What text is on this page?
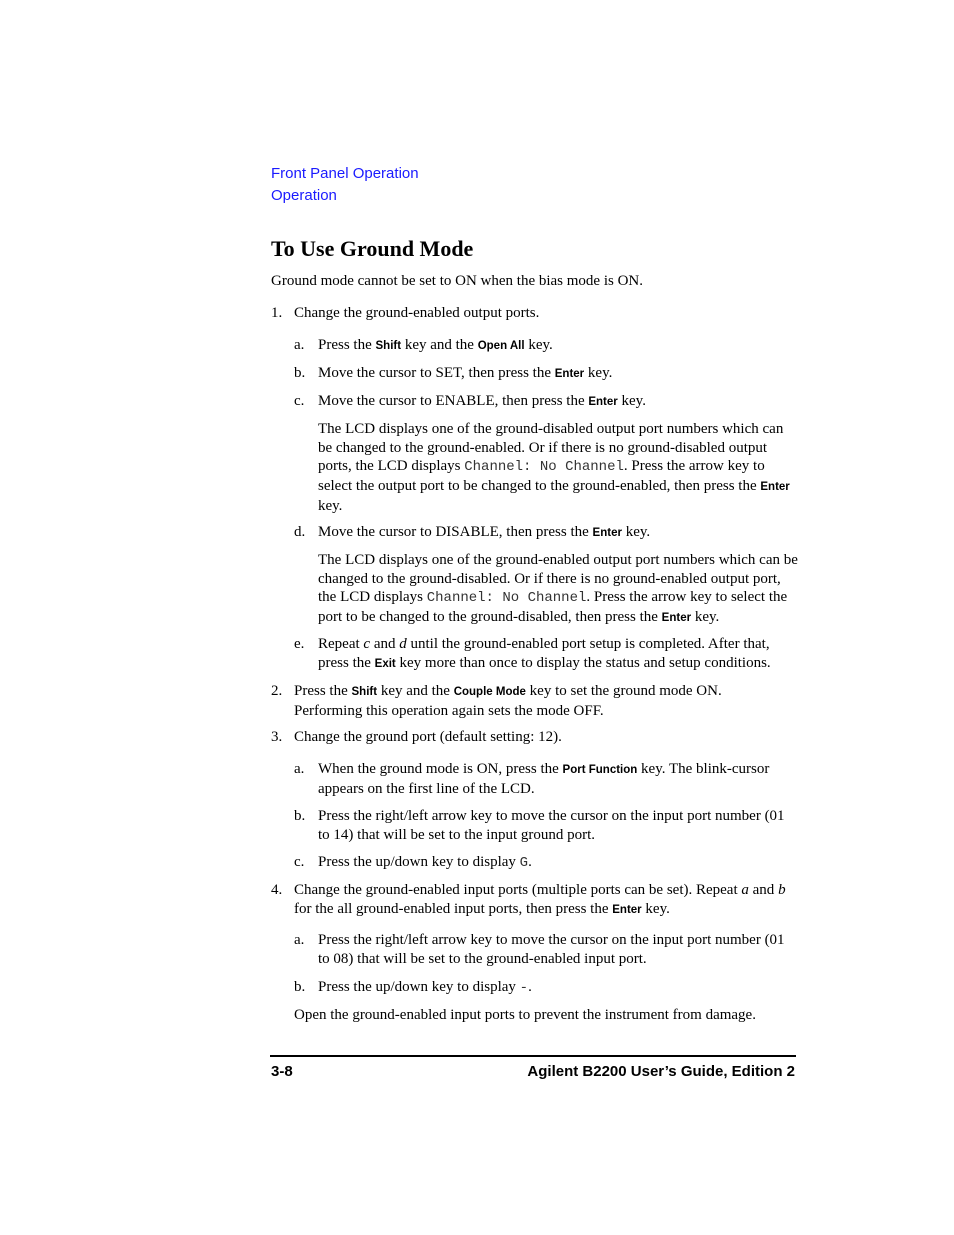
Front Panel Operation
Operation
To Use Ground Mode

Ground mode cannot be set to ON when the bias mode is ON.

1. Change the ground-enabled output ports.

a. Press the Shift key and the Open All key.

b. Move the cursor to SET, then press the Enter key.

c. Move the cursor to ENABLE, then press the Enter key.

The LCD displays one of the ground-disabled output port numbers which can be changed to the ground-enabled. Or if there is no ground-disabled output ports, the LCD displays Channel: No Channel. Press the arrow key to select the output port to be changed to the ground-enabled, then press the Enter key.

d. Move the cursor to DISABLE, then press the Enter key.

The LCD displays one of the ground-enabled output port numbers which can be changed to the ground-disabled. Or if there is no ground-enabled output port, the LCD displays Channel: No Channel. Press the arrow key to select the port to be changed to the ground-disabled, then press the Enter key.

e. Repeat c and d until the ground-enabled port setup is completed. After that, press the Exit key more than once to display the status and setup conditions.

2. Press the Shift key and the Couple Mode key to set the ground mode ON. Performing this operation again sets the mode OFF.

3. Change the ground port (default setting: 12).

a. When the ground mode is ON, press the Port Function key. The blink-cursor appears on the first line of the LCD.

b. Press the right/left arrow key to move the cursor on the input port number (01 to 14) that will be set to the input ground port.

c. Press the up/down key to display G.

4. Change the ground-enabled input ports (multiple ports can be set). Repeat a and b for the all ground-enabled input ports, then press the Enter key.

a. Press the right/left arrow key to move the cursor on the input port number (01 to 08) that will be set to the ground-enabled input port.

b. Press the up/down key to display -.

Open the ground-enabled input ports to prevent the instrument from damage.

3-8	Agilent B2200 User’s Guide, Edition 2
